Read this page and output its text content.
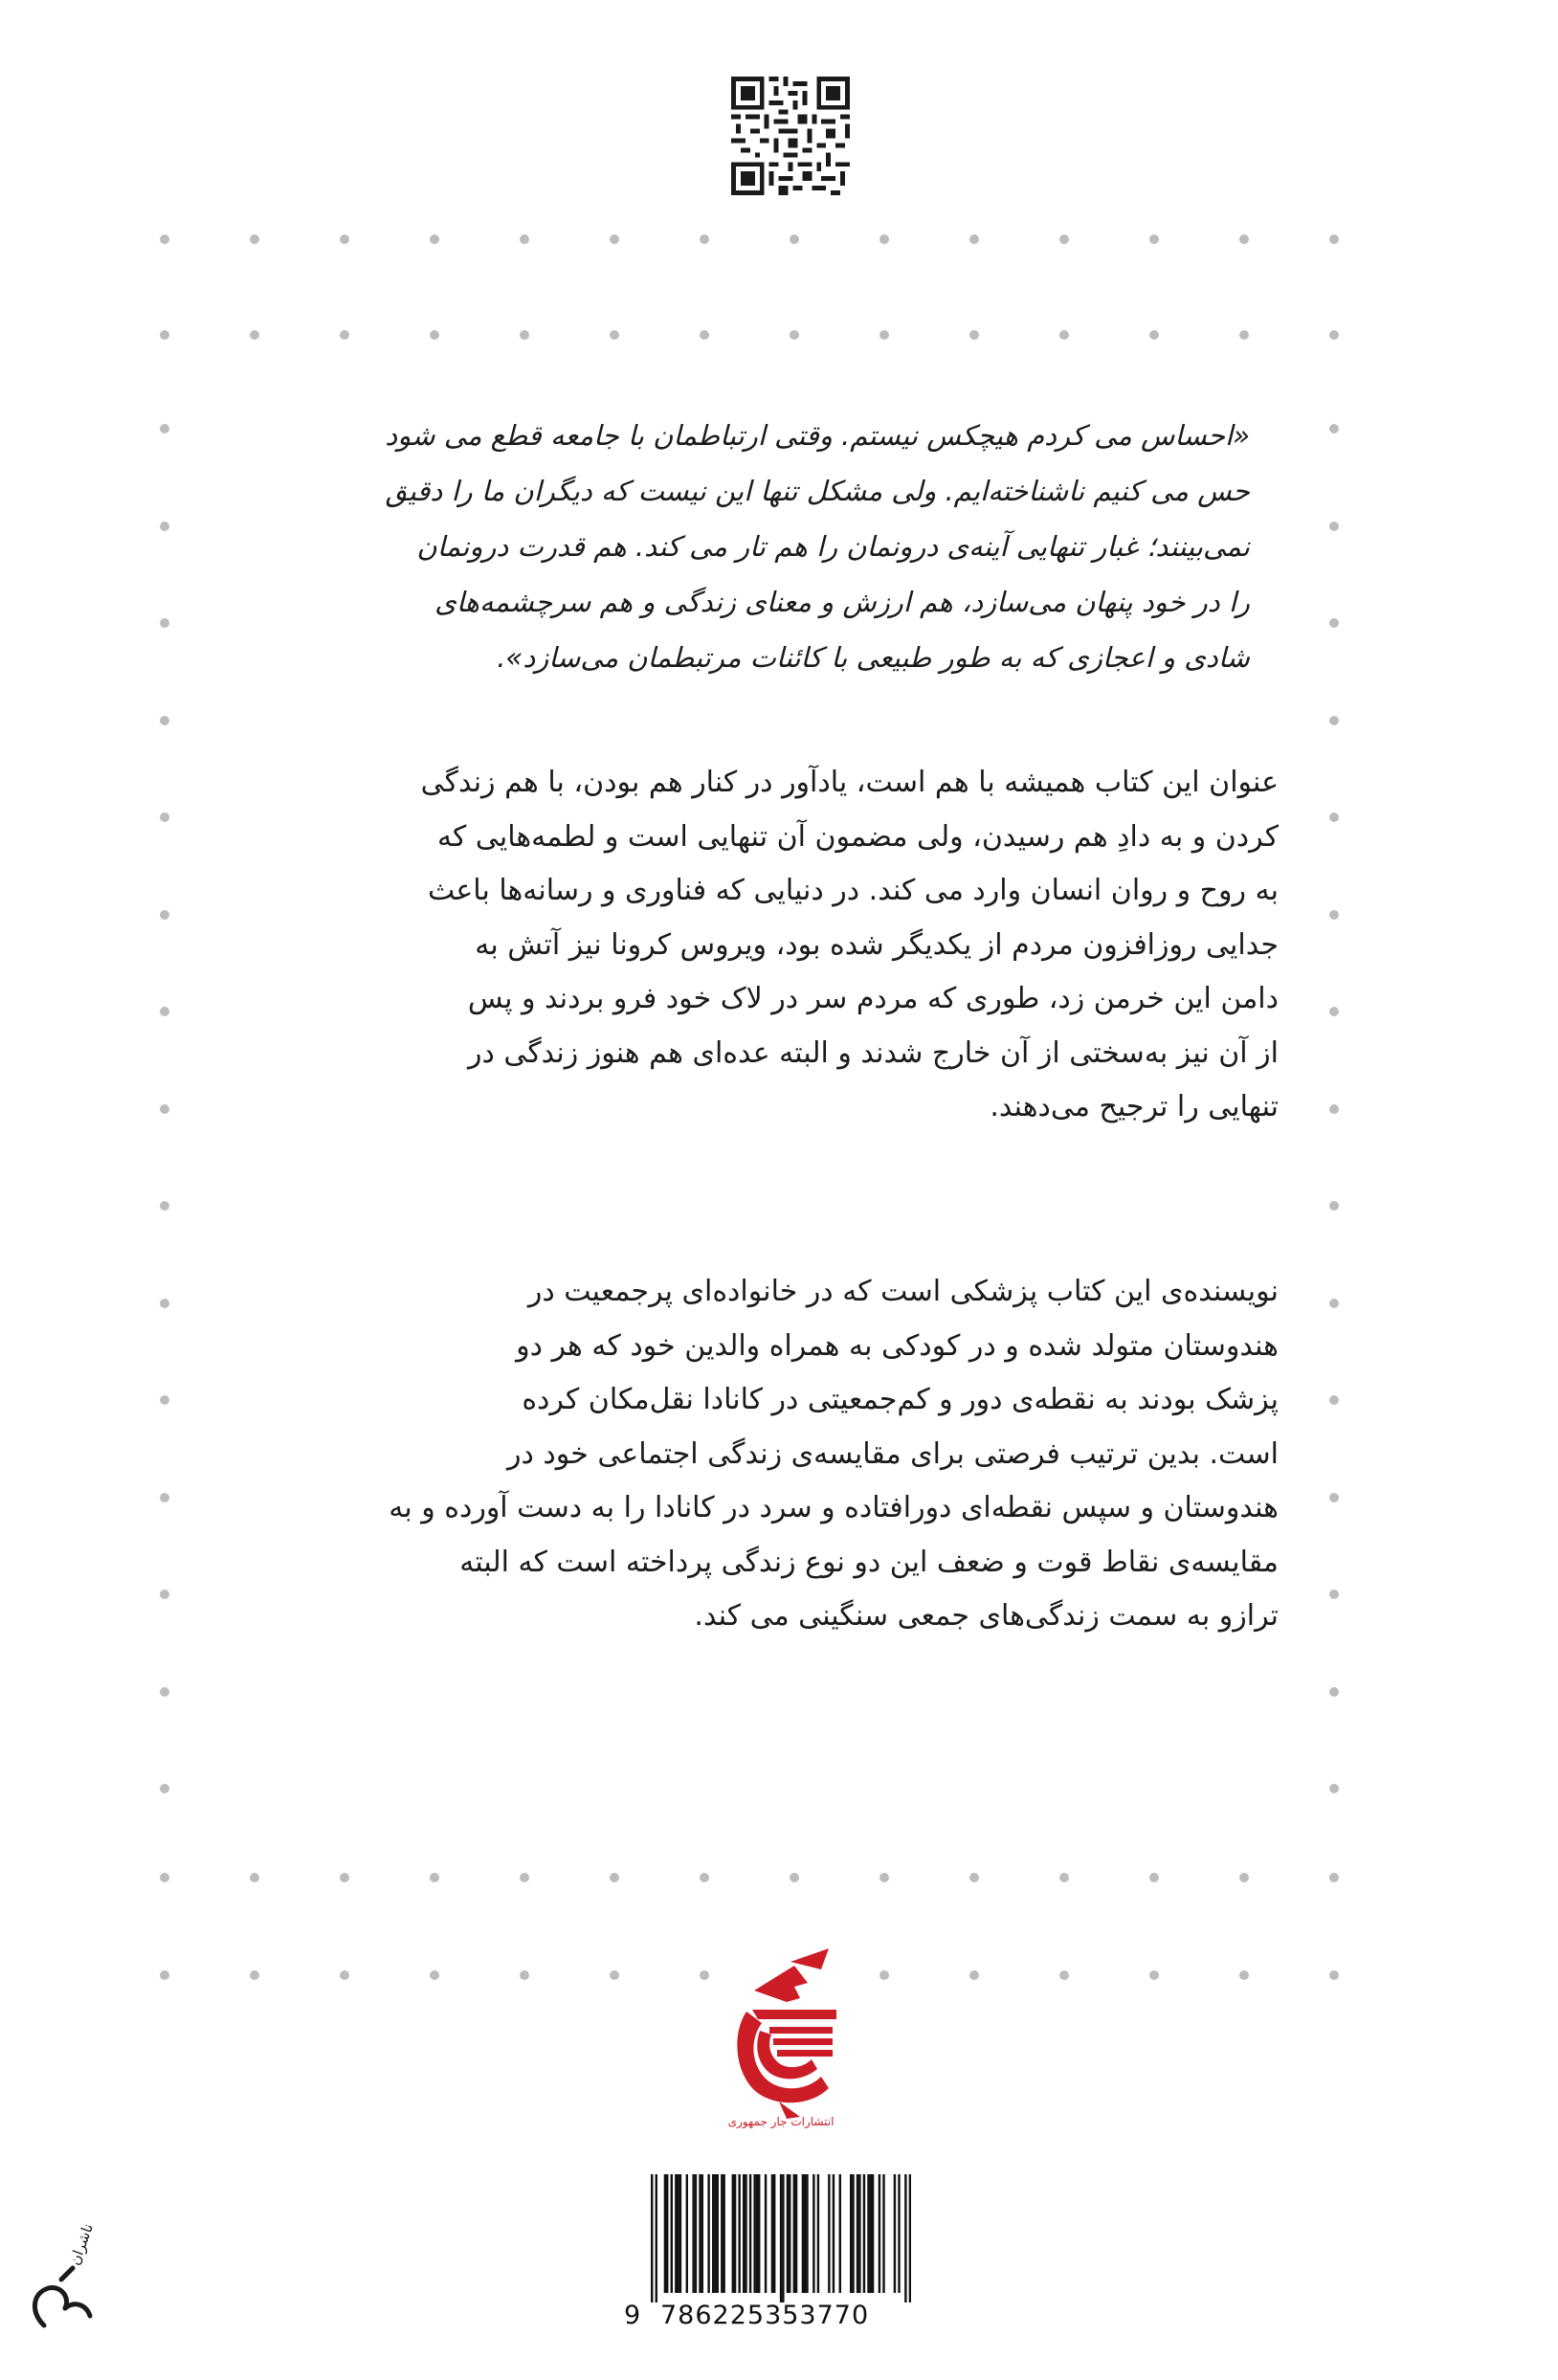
«احساس می کردم هیچکس نیستم. وقتی ارتباطمان با جامعه قطع می شود

حس می کنیم ناشناخته‌ایم. ولی مشکل تنها این نیست که دیگران ما را دقیق

نمی‌بینند؛ غبار تنهایی آینه‌ی درونمان را هم تار می کند. هم قدرت درونمان

را در خود پنهان می‌سازد، هم ارزش و معنای زندگی و هم سرچشمه‌های

شادی و اعجازی که به طور طبیعی با کائنات مرتبطمان می‌سازد».

عنوان این کتاب همیشه با هم است، یادآور در کنار هم بودن، با هم زندگی

کردن و به دادِ هم رسیدن، ولی مضمون آن تنهایی است و لطمه‌هایی که

به روح و روان انسان وارد می کند. در دنیایی که فناوری و رسانه‌ها باعث

جدایی روزافزون مردم از یکدیگر شده بود، ویروس کرونا نیز آتش به

دامن این خرمن زد، طوری که مردم سر در لاک خود فرو بردند و پس

از آن نیز به‌سختی از آن خارج شدند و البته عده‌ای هم هنوز زندگی در

تنهایی را ترجیح می‌دهند.

نویسنده‌ی این کتاب پزشکی است که در خانواده‌ای پرجمعیت در

هندوستان متولد شده و در کودکی به همراه والدین خود که هر دو

پزشک بودند به نقطه‌ی دور و کم‌جمعیتی در کانادا نقل‌مکان کرده

است. بدین ترتیب فرصتی برای مقایسه‌ی زندگی اجتماعی خود در

هندوستان و سپس نقطه‌ای دورافتاده و سرد در کانادا را به دست آورده و به

مقایسه‌ی نقاط قوت و ضعف این دو نوع زندگی پرداخته است که البته

ترازو به سمت زندگی‌های جمعی سنگینی می کند.

انتشارات جار جمهوری
9 786225353770
ناشران
